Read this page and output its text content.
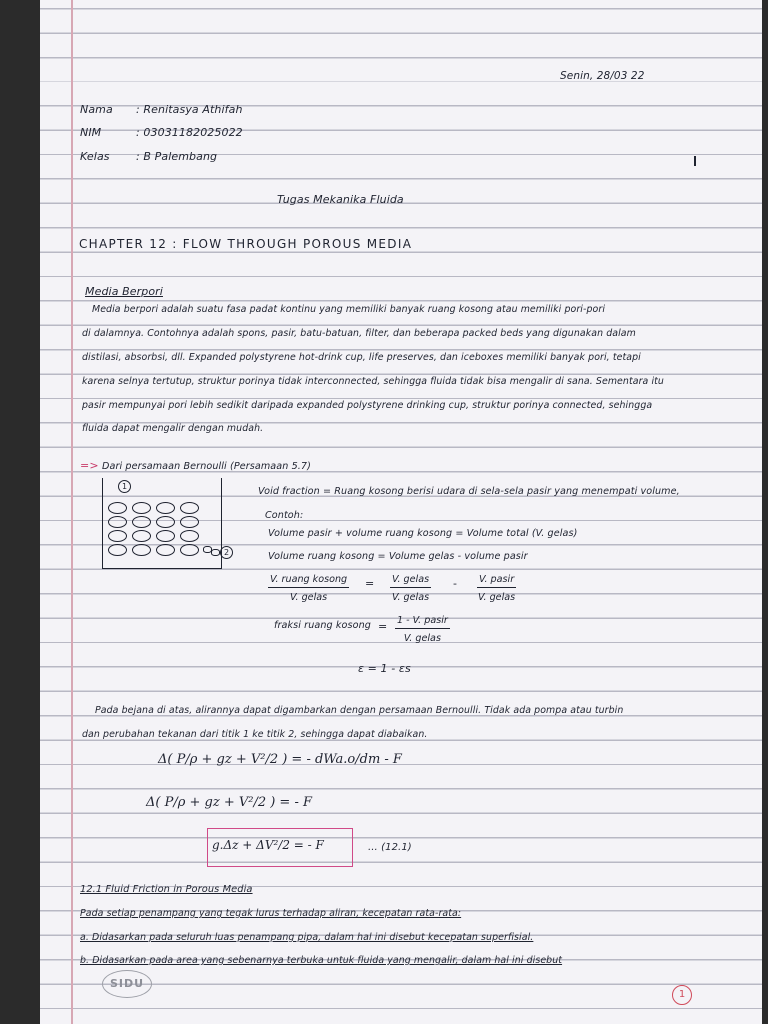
Senin, 28/03 22
Nama : Renitasya Athifah
NIM	: 03031182025022
Kelas : B Palembang
Tugas Mekanika Fluida
CHAPTER 12 : FLOW THROUGH POROUS MEDIA
Media Berpori
Media berpori adalah suatu fasa padat kontinu yang memiliki banyak ruang kosong atau memiliki pori-pori
di dalamnya. Contohnya adalah spons, pasir, batu-batuan, filter, dan beberapa packed beds yang digunakan dalam
distilasi, absorbsi, dll. Expanded polystyrene hot-drink cup, life preserves, dan iceboxes memiliki banyak pori, tetapi
karena selnya tertutup, struktur porinya tidak interconnected, sehingga fluida tidak bisa mengalir di sana. Sementara itu
pasir mempunyai pori lebih sedikit daripada expanded polystyrene drinking cup, struktur porinya connected, sehingga
fluida dapat mengalir dengan mudah.
=> Dari persamaan Bernoulli (Persamaan 5.7)
1
2
Void fraction = Ruang kosong berisi udara di sela-sela pasir yang menempati volume,
Contoh:
Volume pasir + volume ruang kosong = Volume total (V. gelas)
Volume ruang kosong = Volume gelas - volume pasir
V. ruang kosong
V. gelas
= V. gelas
V. gelas
- V. pasir
V. gelas
fraksi ruang kosong = 1 - V. pasir
V. gelas
ε = 1 - εs
Pada bejana di atas, alirannya dapat digambarkan dengan persamaan Bernoulli. Tidak ada pompa atau turbin
dan perubahan tekanan dari titik 1 ke titik 2, sehingga dapat diabaikan.
Δ( P/ρ + gz + V²/2 ) = - dWa.o/dm - F
Δ( P/ρ + gz + V²/2 ) = - F
g.Δz + ΔV²/2 = - F	... (12.1)
12.1 Fluid Friction in Porous Media
Pada setiap penampang yang tegak lurus terhadap aliran, kecepatan rata-rata:
a. Didasarkan pada seluruh luas penampang pipa, dalam hal ini disebut kecepatan superfisial.
b. Didasarkan pada area yang sebenarnya terbuka untuk fluida yang mengalir, dalam hal ini disebut
SIDU
1
